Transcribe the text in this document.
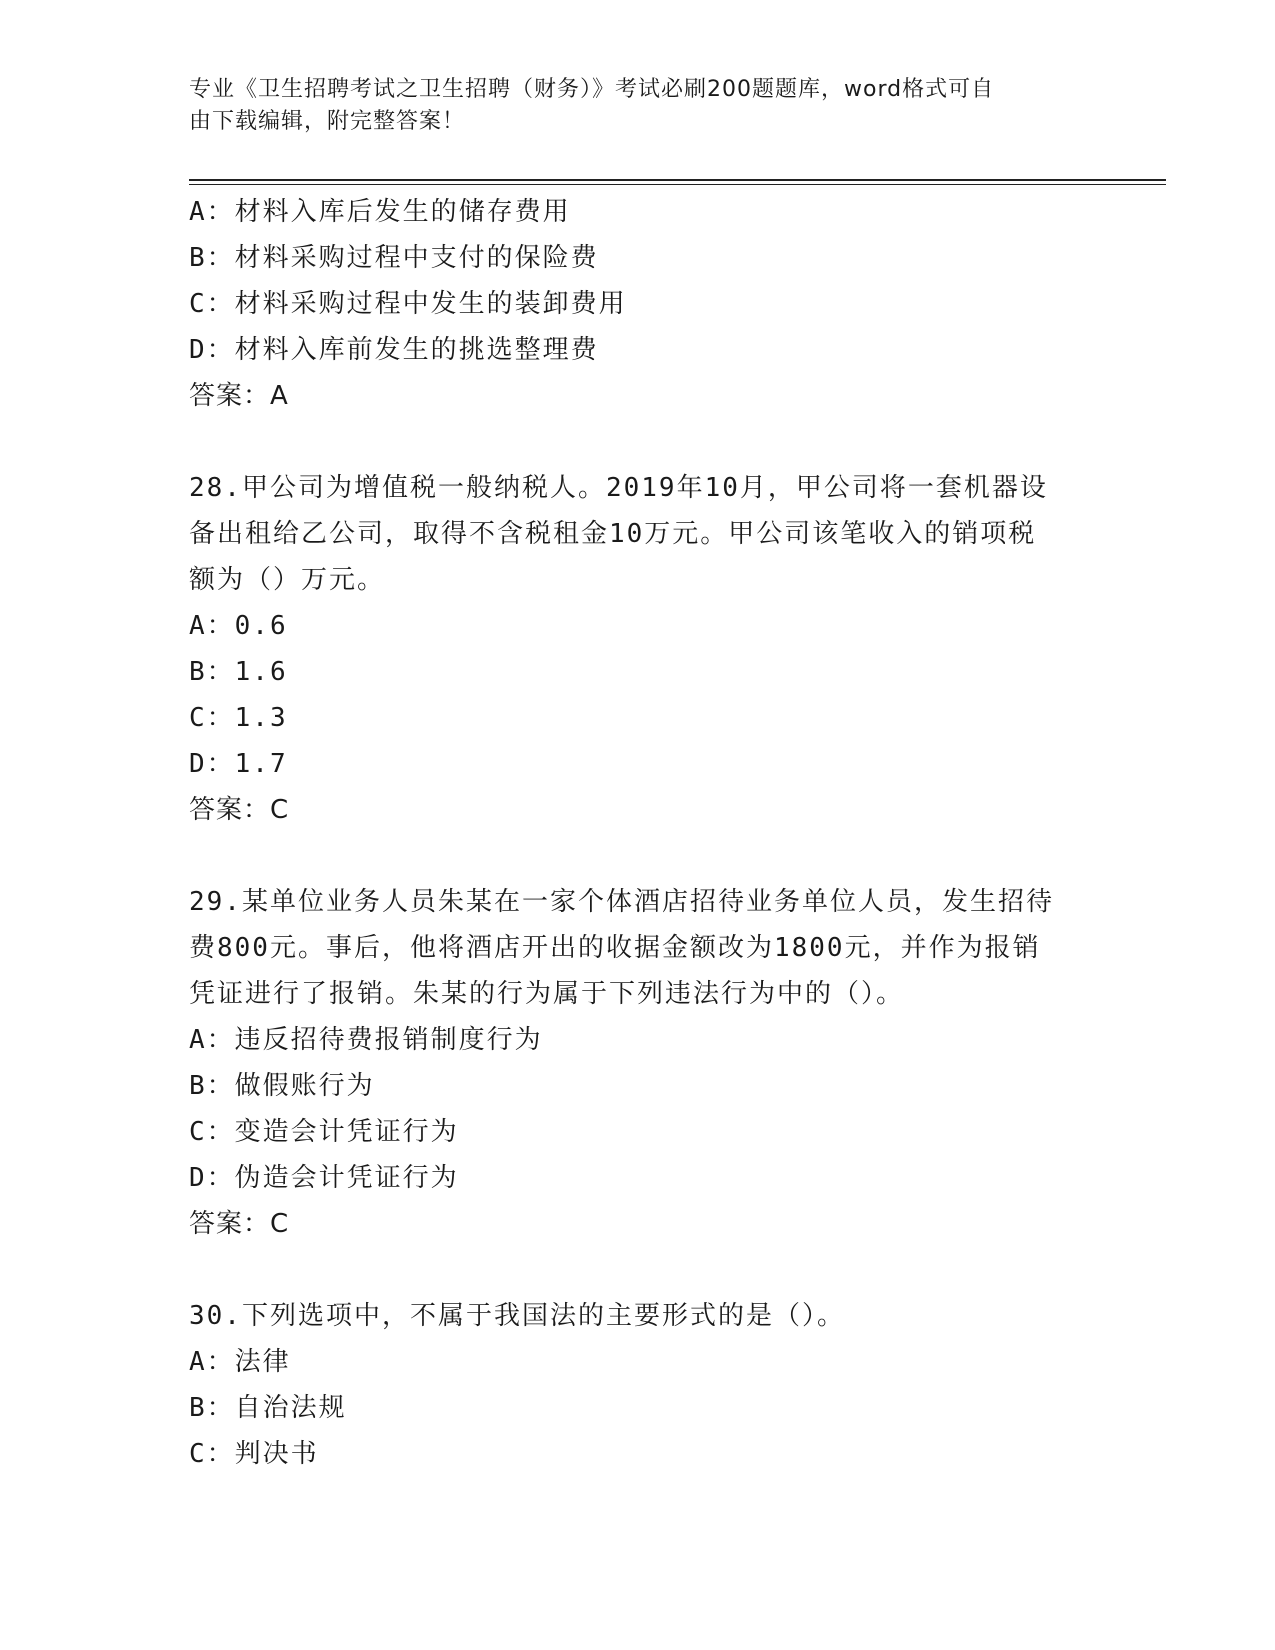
专业《卫生招聘考试之卫生招聘（财务）》考试必刷200题题库，word格式可自
由下载编辑，附完整答案！

A：材料入库后发生的储存费用

B：材料采购过程中支付的保险费

C：材料采购过程中发生的装卸费用

D：材料入库前发生的挑选整理费

答案：A

28.甲公司为增值税一般纳税人。2019年10月，甲公司将一套机器设

备出租给乙公司，取得不含税租金10万元。甲公司该笔收入的销项税

额为（）万元。

A：0.6

B：1.6

C：1.3

D：1.7

答案：C

29.某单位业务人员朱某在一家个体酒店招待业务单位人员，发生招待

费800元。事后，他将酒店开出的收据金额改为1800元，并作为报销

凭证进行了报销。朱某的行为属于下列违法行为中的（）。

A：违反招待费报销制度行为

B：做假账行为

C：变造会计凭证行为

D：伪造会计凭证行为

答案：C

30.下列选项中，不属于我国法的主要形式的是（）。

A：法律

B：自治法规

C：判决书
